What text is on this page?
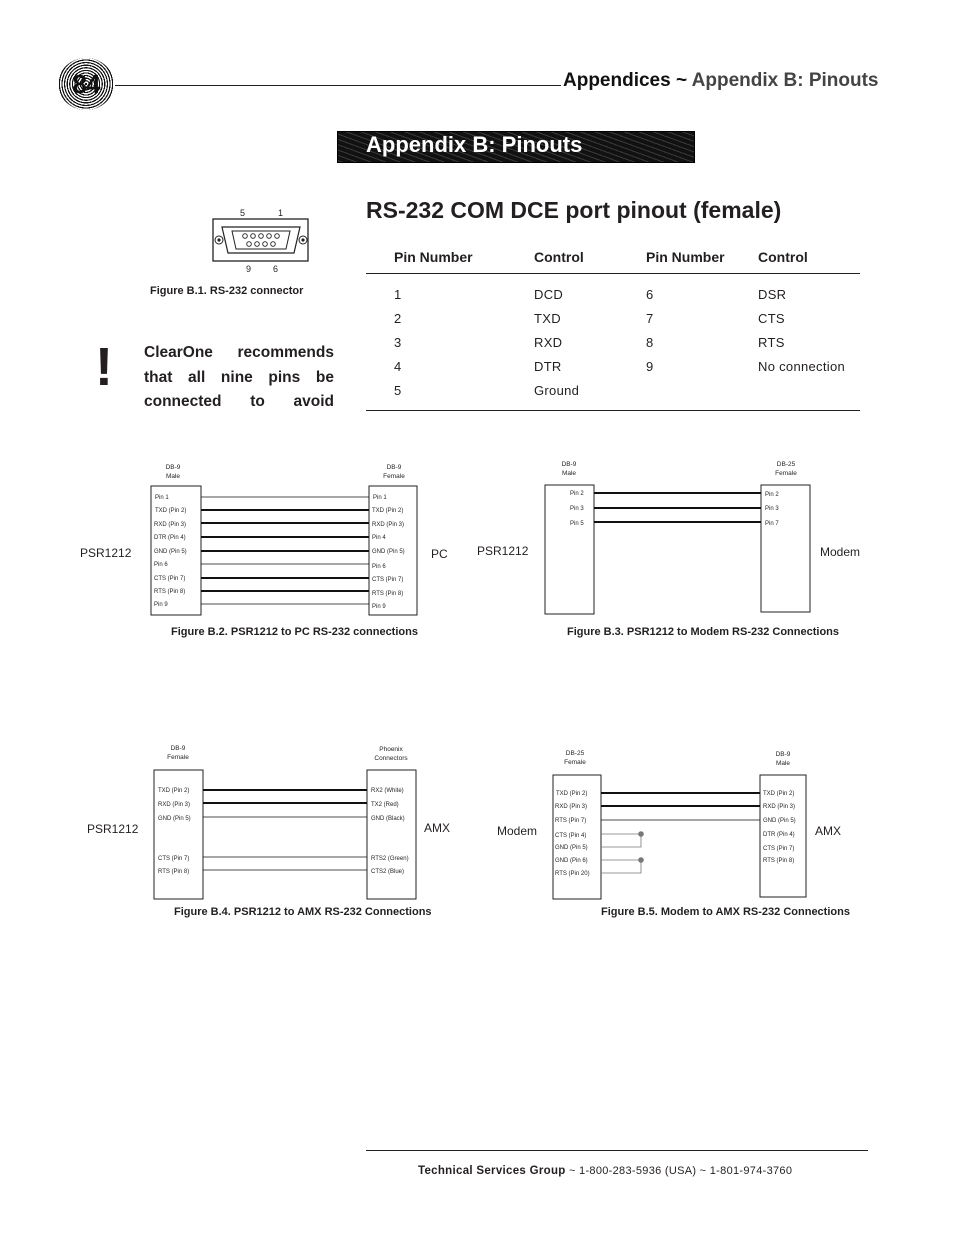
84	Appendices ~ Appendix B: Pinouts
Appendix B: Pinouts
5	1
9 6
Figure B.1. RS-232 connector
! ClearOne recommends that all nine pins be connected to avoid
RS-232 COM DCE port pinout (female)
Pin Number	Control	Pin Number	Control
1	DCD	6	DSR
2	TXD	7	CTS
3	RXD	8	RTS
4	DTR	9	No connection
5	Ground		
DB-9
Male
DB-9
Female
Pin 1
TXD (Pin 2)
RXD (Pin 3)
DTR (Pin 4)
GND (Pin 5)
Pin 6
CTS (Pin 7)
RTS (Pin 8)
Pin 9
Pin 1
TXD (Pin 2)
RXD (Pin 3)
Pin 4
GND (Pin 5)
Pin 6
CTS (Pin 7)
RTS (Pin 8)
Pin 9
PSR1212	PC
Figure B.2. PSR1212 to PC RS-232 connections
DB-9
Male
DB-25
Female
Pin 2
Pin 3
Pin 5
Pin 2
Pin 3
Pin 7
PSR1212	Modem
Figure B.3. PSR1212 to Modem RS-232 Connections
DB-9
Female
Phoenix
Connectors
TXD (Pin 2)
RXD (Pin 3)
GND (Pin 5)
CTS (Pin 7)
RTS (Pin 8)
RX2 (White)
TX2 (Red)
GND (Black)
RTS2 (Green)
CTS2 (Blue)
PSR1212	AMX
Figure B.4. PSR1212 to AMX RS-232 Connections
DB-25
Female
DB-9
Male
TXD (Pin 2)
RXD (Pin 3)
RTS (Pin 7)
CTS (Pin 4)
GND (Pin 5)
GND (Pin 6)
RTS (Pin 20)
TXD (Pin 2)
RXD (Pin 3)
GND (Pin 5)
DTR (Pin 4)
CTS (Pin 7)
RTS (Pin 8)
Modem	AMX
Figure B.5. Modem to AMX RS-232 Connections
Technical Services Group ~ 1-800-283-5936 (USA) ~ 1-801-974-3760
